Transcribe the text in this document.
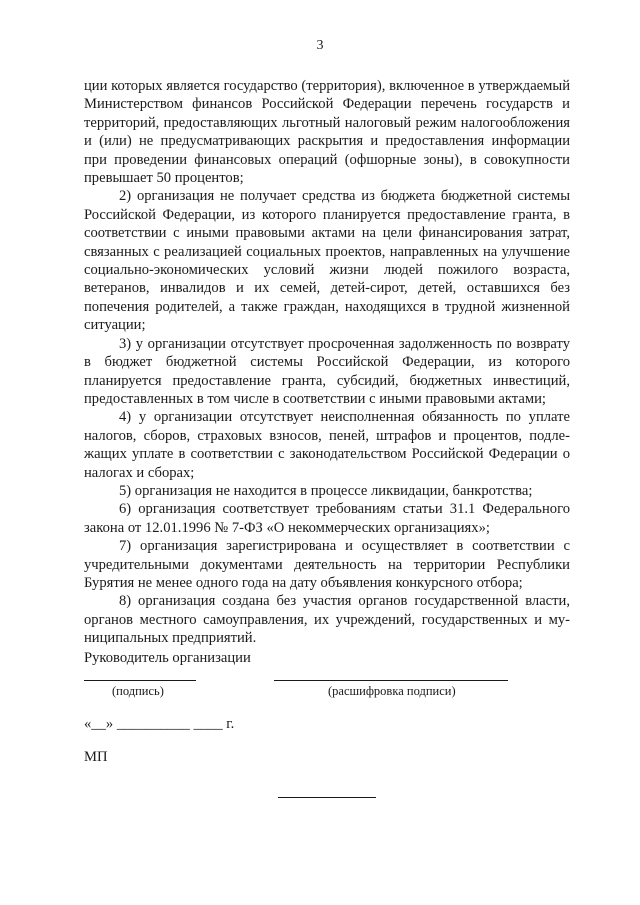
3

ции которых является государство (территория), включенное в утверждаемый Министерством финансов Российской Федерации перечень государств и территорий, предоставляющих льготный налоговый режим налогообложения и (или) не предусматривающих раскрытия и предоставления информации при проведении финансовых операций (офшорные зоны), в совокупности превышает 50 процентов;

2) организация не получает средства из бюджета бюджетной системы Российской Федерации, из которого планируется предоставление гранта, в соответствии с иными правовыми актами на цели финансирования затрат, связанных с реализацией социальных проектов, направленных на улучшение социально-экономических условий жизни людей пожилого возраста, ветеранов, инвалидов и их семей, детей-сирот, детей, оставшихся без попечения родителей, а также граждан, находящихся в трудной жизненной ситуации;

3) у организации отсутствует просроченная задолженность по возврату в бюджет бюджетной системы Российской Федерации, из которого планируется предоставление гранта, субсидий, бюджетных инвестиций, предоставленных в том числе в соответствии с иными правовыми актами;

4) у организации отсутствует неисполненная обязанность по уплате налогов, сборов, страховых взносов, пеней, штрафов и процентов, подлежащих уплате в соответствии с законодательством Российской Федерации о налогах и сборах;

5) организация не находится в процессе ликвидации, банкротства;

6) организация соответствует требованиям статьи 31.1 Федерального закона от 12.01.1996 № 7-ФЗ «О некоммерческих организациях»;

7) организация зарегистрирована и осуществляет в соответствии с учредительными документами деятельность на территории Республики Бурятия не менее одного года на дату объявления конкурсного отбора;

8) организация создана без участия органов государственной власти, органов местного самоуправления, их учреждений, государственных и муниципальных предприятий.

Руководитель организации
(подпись)	(расшифровка подписи)
«__» __________ ____ г.
МП
